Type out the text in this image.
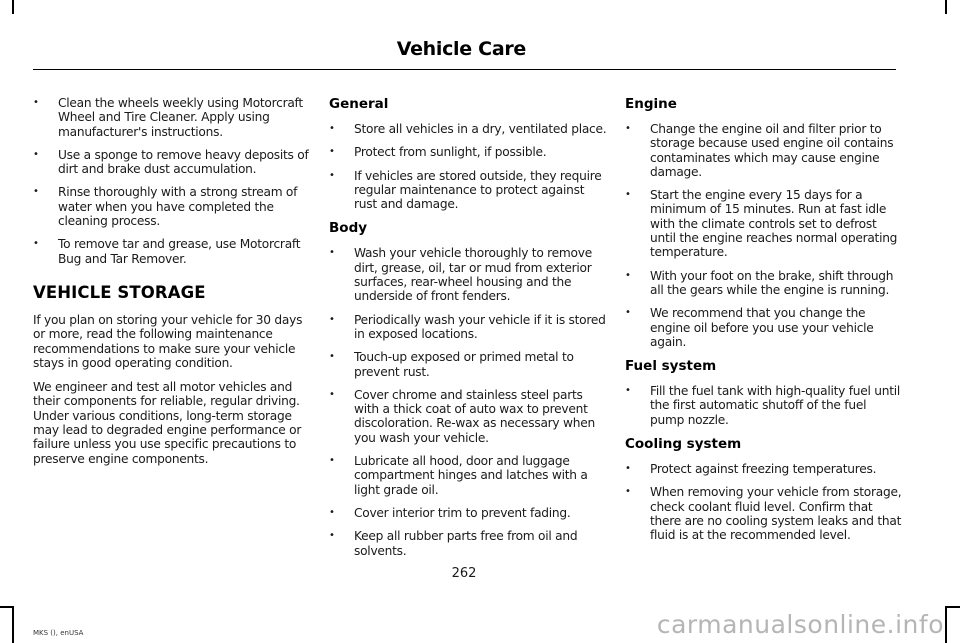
Vehicle Care
• Clean the wheels weekly using Motorcraft Wheel and Tire Cleaner. Apply using manufacturer's instructions.
• Use a sponge to remove heavy deposits of dirt and brake dust accumulation.
• Rinse thoroughly with a strong stream of water when you have completed the cleaning process.
• To remove tar and grease, use Motorcraft Bug and Tar Remover.
VEHICLE STORAGE

If you plan on storing your vehicle for 30 days or more, read the following maintenance recommendations to make sure your vehicle stays in good operating condition.

We engineer and test all motor vehicles and their components for reliable, regular driving. Under various conditions, long-term storage may lead to degraded engine performance or failure unless you use specific precautions to preserve engine components.

General
• Store all vehicles in a dry, ventilated place.
• Protect from sunlight, if possible.
• If vehicles are stored outside, they require regular maintenance to protect against rust and damage.
Body
• Wash your vehicle thoroughly to remove dirt, grease, oil, tar or mud from exterior surfaces, rear-wheel housing and the underside of front fenders.
• Periodically wash your vehicle if it is stored in exposed locations.
• Touch-up exposed or primed metal to prevent rust.
• Cover chrome and stainless steel parts with a thick coat of auto wax to prevent discoloration. Re-wax as necessary when you wash your vehicle.
• Lubricate all hood, door and luggage compartment hinges and latches with a light grade oil.
• Cover interior trim to prevent fading.
• Keep all rubber parts free from oil and solvents.
Engine
• Change the engine oil and filter prior to storage because used engine oil contains contaminates which may cause engine damage.
• Start the engine every 15 days for a minimum of 15 minutes. Run at fast idle with the climate controls set to defrost until the engine reaches normal operating temperature.
• With your foot on the brake, shift through all the gears while the engine is running.
• We recommend that you change the engine oil before you use your vehicle again.
Fuel system
• Fill the fuel tank with high-quality fuel until the first automatic shutoff of the fuel pump nozzle.
Cooling system
• Protect against freezing temperatures.
• When removing your vehicle from storage, check coolant fluid level. Confirm that there are no cooling system leaks and that fluid is at the recommended level.
262
MKS (), enUSA	carmanualsonline.info
